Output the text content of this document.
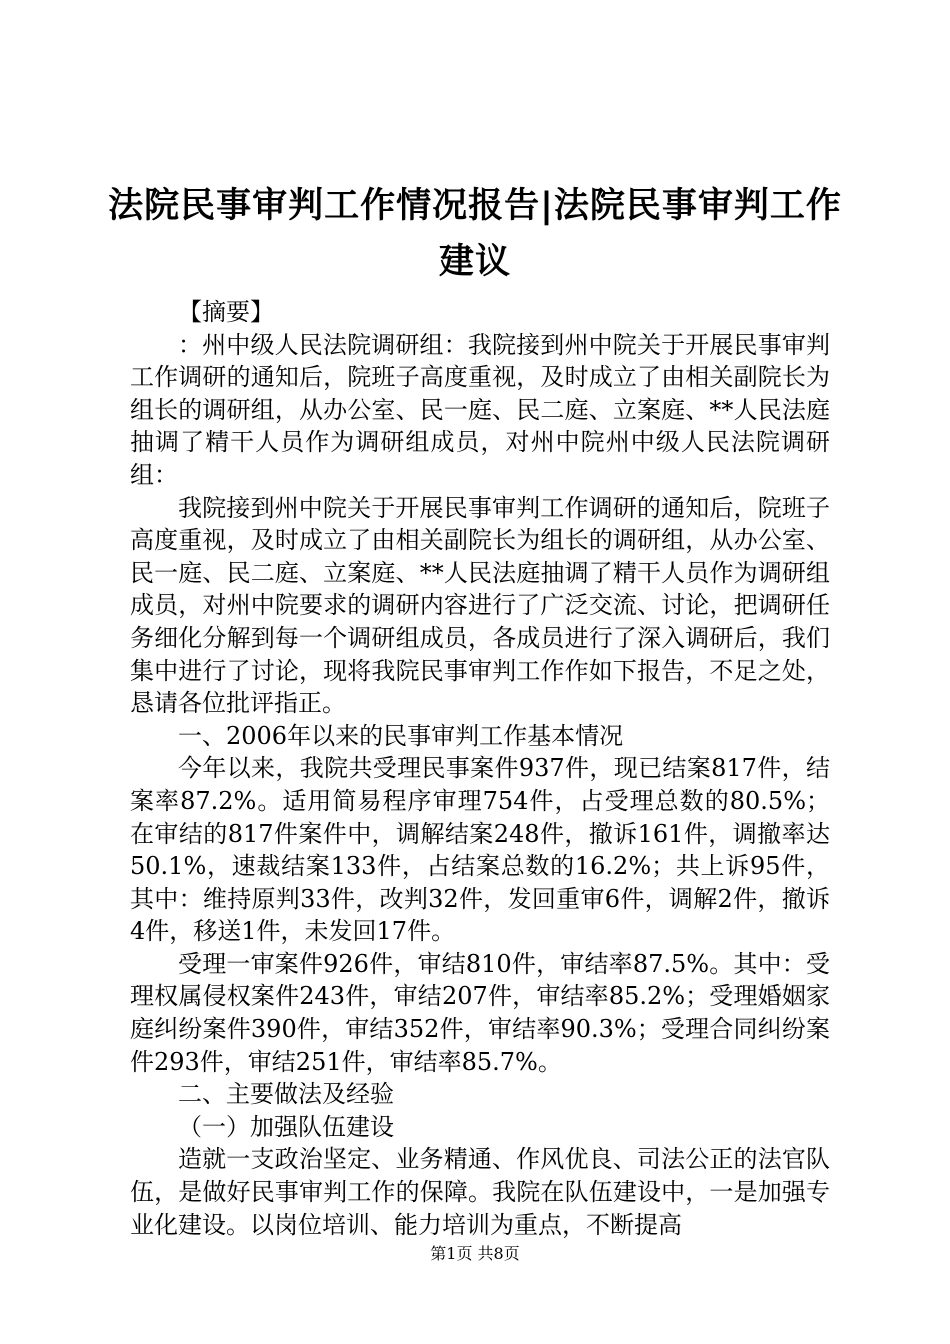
法院民事审判工作情况报告|法院民事审判工作建议

【摘要】

：州中级人民法院调研组：我院接到州中院关于开展民事审判工作调研的通知后，院班子高度重视，及时成立了由相关副院长为组长的调研组，从办公室、民一庭、民二庭、立案庭、**人民法庭抽调了精干人员作为调研组成员，对州中院州中级人民法院调研组：

我院接到州中院关于开展民事审判工作调研的通知后，院班子高度重视，及时成立了由相关副院长为组长的调研组，从办公室、民一庭、民二庭、立案庭、**人民法庭抽调了精干人员作为调研组成员，对州中院要求的调研内容进行了广泛交流、讨论，把调研任务细化分解到每一个调研组成员，各成员进行了深入调研后，我们集中进行了讨论，现将我院民事审判工作作如下报告，不足之处，恳请各位批评指正。

一、2006年以来的民事审判工作基本情况

今年以来，我院共受理民事案件937件，现已结案817件，结案率87.2%。适用简易程序审理754件，占受理总数的80.5%；在审结的817件案件中，调解结案248件，撤诉161件，调撤率达50.1%，速裁结案133件，占结案总数的16.2%；共上诉95件，其中：维持原判33件，改判32件，发回重审6件，调解2件，撤诉4件，移送1件，未发回17件。

受理一审案件926件，审结810件，审结率87.5%。其中：受理权属侵权案件243件，审结207件，审结率85.2%；受理婚姻家庭纠纷案件390件，审结352件，审结率90.3%；受理合同纠纷案件293件，审结251件，审结率85.7%。

二、主要做法及经验

（一）加强队伍建设

造就一支政治坚定、业务精通、作风优良、司法公正的法官队伍，是做好民事审判工作的保障。我院在队伍建设中，一是加强专业化建设。以岗位培训、能力培训为重点，不断提高

第1页 共8页
